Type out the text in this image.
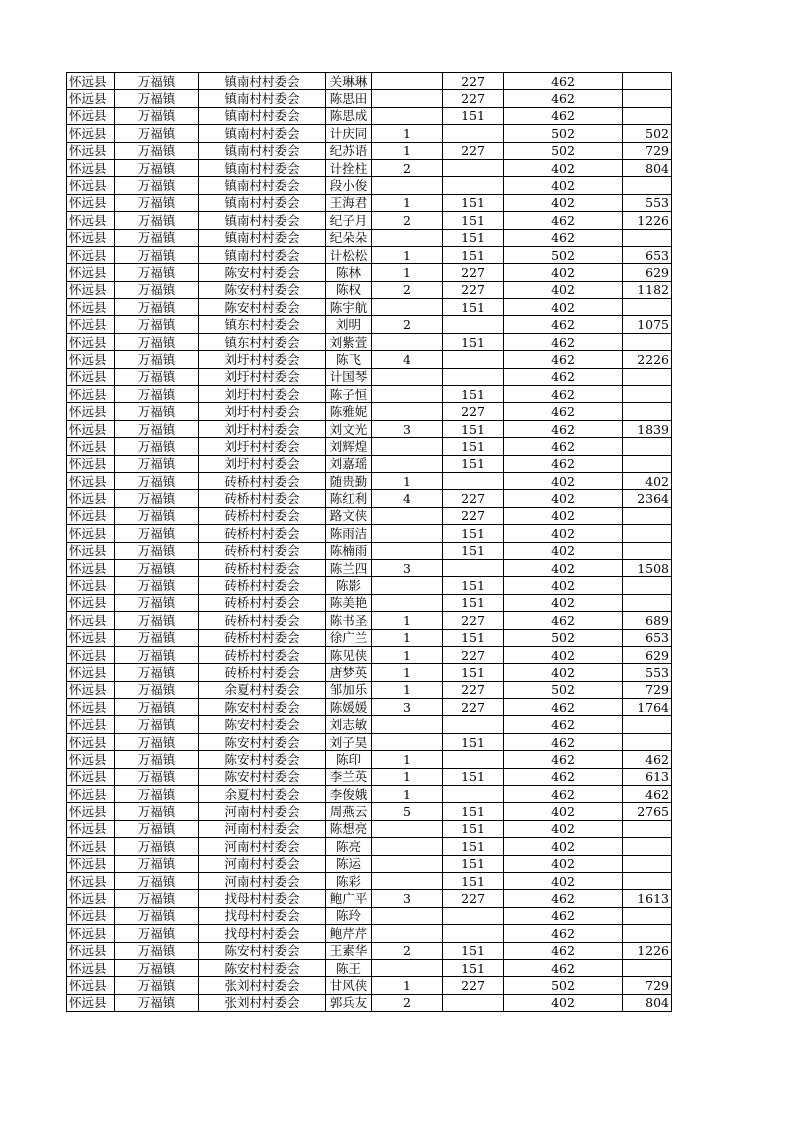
怀远县	万福镇	镇南村村委会	关琳琳		227	462	
怀远县	万福镇	镇南村村委会	陈思田		227	462	
怀远县	万福镇	镇南村村委会	陈思成		151	462	
怀远县	万福镇	镇南村村委会	计庆同	1		502	502
怀远县	万福镇	镇南村村委会	纪苏语	1	227	502	729
怀远县	万福镇	镇南村村委会	计拴柱	2		402	804
怀远县	万福镇	镇南村村委会	段小俊			402	
怀远县	万福镇	镇南村村委会	王海君	1	151	402	553
怀远县	万福镇	镇南村村委会	纪子月	2	151	462	1226
怀远县	万福镇	镇南村村委会	纪朵朵		151	462	
怀远县	万福镇	镇南村村委会	计松松	1	151	502	653
怀远县	万福镇	陈安村村委会	陈林	1	227	402	629
怀远县	万福镇	陈安村村委会	陈权	2	227	402	1182
怀远县	万福镇	陈安村村委会	陈宇航		151	402	
怀远县	万福镇	镇东村村委会	刘明	2		462	1075
怀远县	万福镇	镇东村村委会	刘紫萱		151	462	
怀远县	万福镇	刘圩村村委会	陈飞	4		462	2226
怀远县	万福镇	刘圩村村委会	计国琴			462	
怀远县	万福镇	刘圩村村委会	陈子恒		151	462	
怀远县	万福镇	刘圩村村委会	陈雅妮		227	462	
怀远县	万福镇	刘圩村村委会	刘文光	3	151	462	1839
怀远县	万福镇	刘圩村村委会	刘辉煌		151	462	
怀远县	万福镇	刘圩村村委会	刘嘉瑶		151	462	
怀远县	万福镇	砖桥村村委会	随贵勤	1		402	402
怀远县	万福镇	砖桥村村委会	陈红利	4	227	402	2364
怀远县	万福镇	砖桥村村委会	路文侠		227	402	
怀远县	万福镇	砖桥村村委会	陈雨洁		151	402	
怀远县	万福镇	砖桥村村委会	陈楠雨		151	402	
怀远县	万福镇	砖桥村村委会	陈兰四	3		402	1508
怀远县	万福镇	砖桥村村委会	陈影		151	402	
怀远县	万福镇	砖桥村村委会	陈美艳		151	402	
怀远县	万福镇	砖桥村村委会	陈书圣	1	227	462	689
怀远县	万福镇	砖桥村村委会	徐广兰	1	151	502	653
怀远县	万福镇	砖桥村村委会	陈见侠	1	227	402	629
怀远县	万福镇	砖桥村村委会	唐梦英	1	151	402	553
怀远县	万福镇	余夏村村委会	邹加乐	1	227	502	729
怀远县	万福镇	陈安村村委会	陈媛媛	3	227	462	1764
怀远县	万福镇	陈安村村委会	刘志敏			462	
怀远县	万福镇	陈安村村委会	刘子昊		151	462	
怀远县	万福镇	陈安村村委会	陈印	1		462	462
怀远县	万福镇	陈安村村委会	李兰英	1	151	462	613
怀远县	万福镇	余夏村村委会	李俊娥	1		462	462
怀远县	万福镇	河南村村委会	周燕云	5	151	402	2765
怀远县	万福镇	河南村村委会	陈想亮		151	402	
怀远县	万福镇	河南村村委会	陈亮		151	402	
怀远县	万福镇	河南村村委会	陈运		151	402	
怀远县	万福镇	河南村村委会	陈彩		151	402	
怀远县	万福镇	找母村村委会	鲍广平	3	227	462	1613
怀远县	万福镇	找母村村委会	陈玲			462	
怀远县	万福镇	找母村村委会	鲍芹芹			462	
怀远县	万福镇	陈安村村委会	王素华	2	151	462	1226
怀远县	万福镇	陈安村村委会	陈王		151	462	
怀远县	万福镇	张刘村村委会	甘风侠	1	227	502	729
怀远县	万福镇	张刘村村委会	郭兵友	2		402	804
